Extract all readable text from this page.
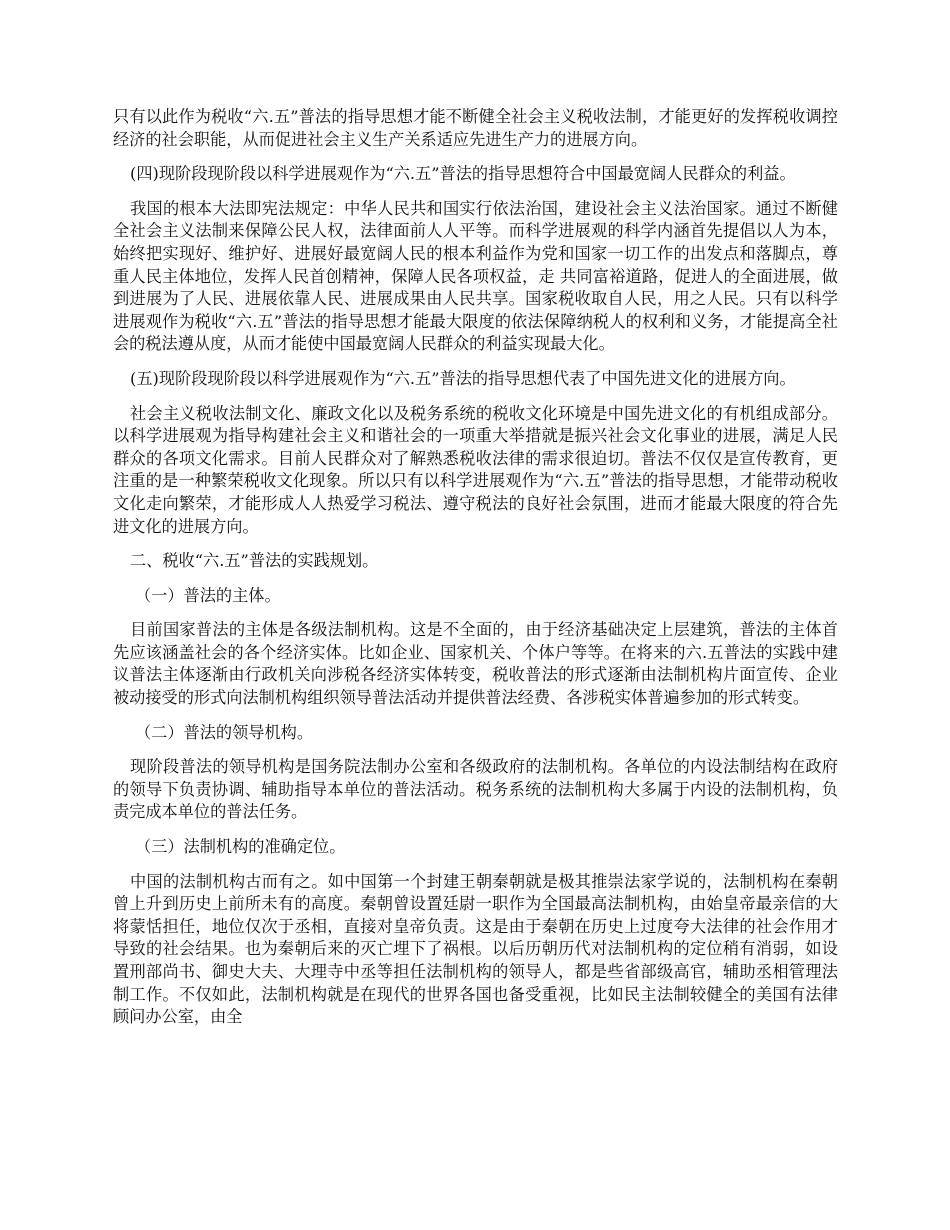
只有以此作为税收“六.五”普法的指导思想才能不断健全社会主义税收法制，才能更好的发挥税收调控经济的社会职能，从而促进社会主义生产关系适应先进生产力的进展方向。

(四)现阶段现阶段以科学进展观作为“六.五”普法的指导思想符合中国最宽阔人民群众的利益。

我国的根本大法即宪法规定：中华人民共和国实行依法治国，建设社会主义法治国家。通过不断健全社会主义法制来保障公民人权，法律面前人人平等。而科学进展观的科学内涵首先提倡以人为本，始终把实现好、维护好、进展好最宽阔人民的根本利益作为党和国家一切工作的出发点和落脚点，尊重人民主体地位，发挥人民首创精神，保障人民各项权益，走 共同富裕道路，促进人的全面进展，做到进展为了人民、进展依靠人民、进展成果由人民共享。国家税收取自人民，用之人民。只有以科学进展观作为税收“六.五”普法的指导思想才能最大限度的依法保障纳税人的权利和义务，才能提高全社会的税法遵从度，从而才能使中国最宽阔人民群众的利益实现最大化。

(五)现阶段现阶段以科学进展观作为“六.五”普法的指导思想代表了中国先进文化的进展方向。

社会主义税收法制文化、廉政文化以及税务系统的税收文化环境是中国先进文化的有机组成部分。以科学进展观为指导构建社会主义和谐社会的一项重大举措就是振兴社会文化事业的进展，满足人民群众的各项文化需求。目前人民群众对了解熟悉税收法律的需求很迫切。普法不仅仅是宣传教育，更注重的是一种繁荣税收文化现象。所以只有以科学进展观作为“六.五”普法的指导思想，才能带动税收文化走向繁荣，才能形成人人热爱学习税法、遵守税法的良好社会氛围，进而才能最大限度的符合先进文化的进展方向。

二、税收“六.五”普法的实践规划。

（一）普法的主体。

目前国家普法的主体是各级法制机构。这是不全面的，由于经济基础决定上层建筑，普法的主体首先应该涵盖社会的各个经济实体。比如企业、国家机关、个体户等等。在将来的六.五普法的实践中建议普法主体逐渐由行政机关向涉税各经济实体转变，税收普法的形式逐渐由法制机构片面宣传、企业被动接受的形式向法制机构组织领导普法活动并提供普法经费、各涉税实体普遍参加的形式转变。

（二）普法的领导机构。

现阶段普法的领导机构是国务院法制办公室和各级政府的法制机构。各单位的内设法制结构在政府的领导下负责协调、辅助指导本单位的普法活动。税务系统的法制机构大多属于内设的法制机构，负责完成本单位的普法任务。

（三）法制机构的准确定位。

中国的法制机构古而有之。如中国第一个封建王朝秦朝就是极其推崇法家学说的，法制机构在秦朝曾上升到历史上前所未有的高度。秦朝曾设置廷尉一职作为全国最高法制机构，由始皇帝最亲信的大将蒙恬担任，地位仅次于丞相，直接对皇帝负责。这是由于秦朝在历史上过度夸大法律的社会作用才导致的社会结果。也为秦朝后来的灭亡埋下了祸根。以后历朝历代对法制机构的定位稍有消弱，如设置刑部尚书、御史大夫、大理寺中丞等担任法制机构的领导人，都是些省部级高官，辅助丞相管理法制工作。不仅如此，法制机构就是在现代的世界各国也备受重视，比如民主法制较健全的美国有法律顾问办公室，由全
